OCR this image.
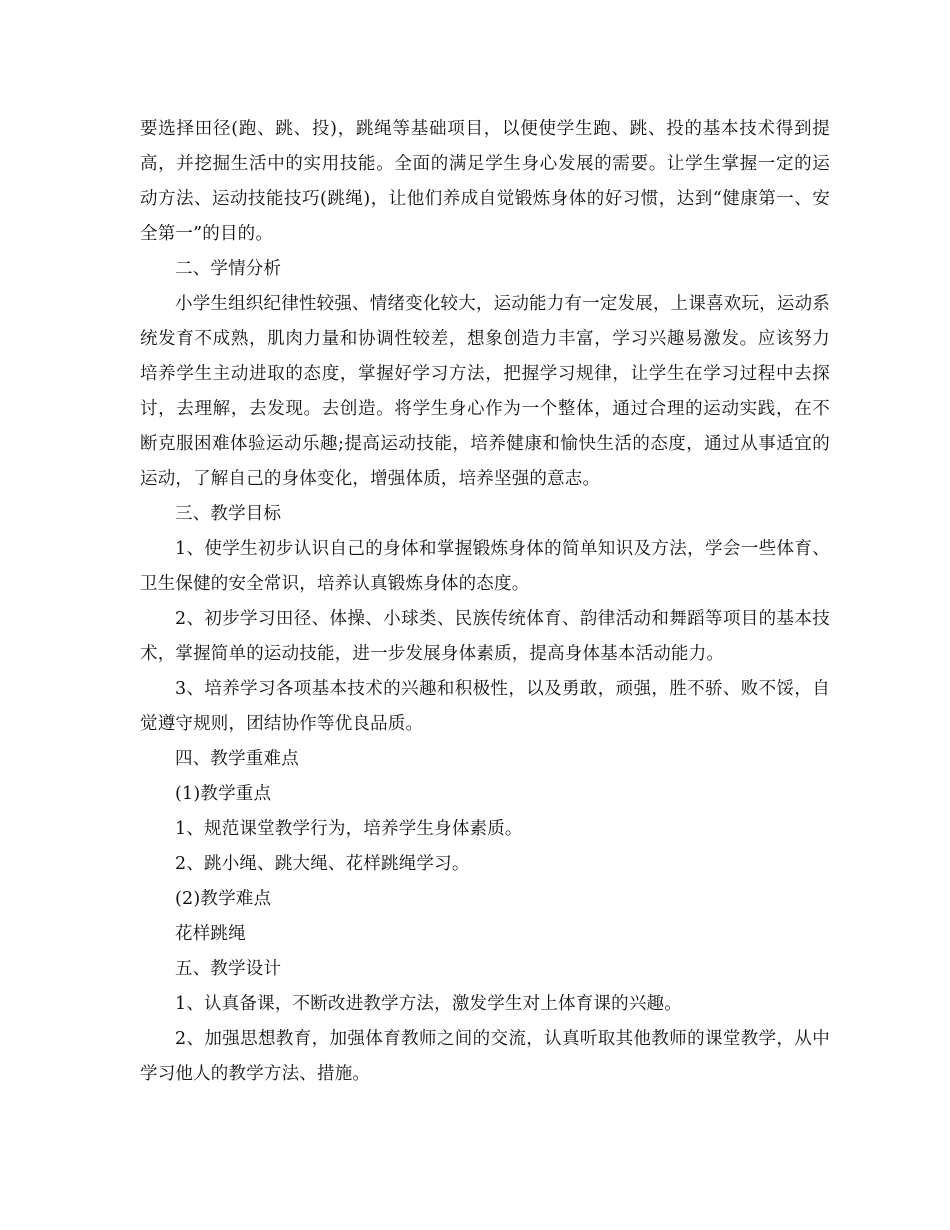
要选择田径(跑、跳、投)，跳绳等基础项目，以便使学生跑、跳、投的基本技术得到提高，并挖掘生活中的实用技能。全面的满足学生身心发展的需要。让学生掌握一定的运动方法、运动技能技巧(跳绳)，让他们养成自觉锻炼身体的好习惯，达到“健康第一、安全第一”的目的。

二、学情分析

小学生组织纪律性较强、情绪变化较大，运动能力有一定发展，上课喜欢玩，运动系统发育不成熟，肌肉力量和协调性较差，想象创造力丰富，学习兴趣易激发。应该努力培养学生主动进取的态度，掌握好学习方法，把握学习规律，让学生在学习过程中去探讨，去理解，去发现。去创造。将学生身心作为一个整体，通过合理的运动实践，在不断克服困难体验运动乐趣;提高运动技能，培养健康和愉快生活的态度，通过从事适宜的运动，了解自己的身体变化，增强体质，培养坚强的意志。

三、教学目标

1、使学生初步认识自己的身体和掌握锻炼身体的简单知识及方法，学会一些体育、卫生保健的安全常识，培养认真锻炼身体的态度。

2、初步学习田径、体操、小球类、民族传统体育、韵律活动和舞蹈等项目的基本技术，掌握简单的运动技能，进一步发展身体素质，提高身体基本活动能力。

3、培养学习各项基本技术的兴趣和积极性，以及勇敢，顽强，胜不骄、败不馁，自觉遵守规则，团结协作等优良品质。

四、教学重难点

(1)教学重点

1、规范课堂教学行为，培养学生身体素质。

2、跳小绳、跳大绳、花样跳绳学习。

(2)教学难点

花样跳绳

五、教学设计

1、认真备课，不断改进教学方法，激发学生对上体育课的兴趣。

2、加强思想教育，加强体育教师之间的交流，认真听取其他教师的课堂教学，从中学习他人的教学方法、措施。
